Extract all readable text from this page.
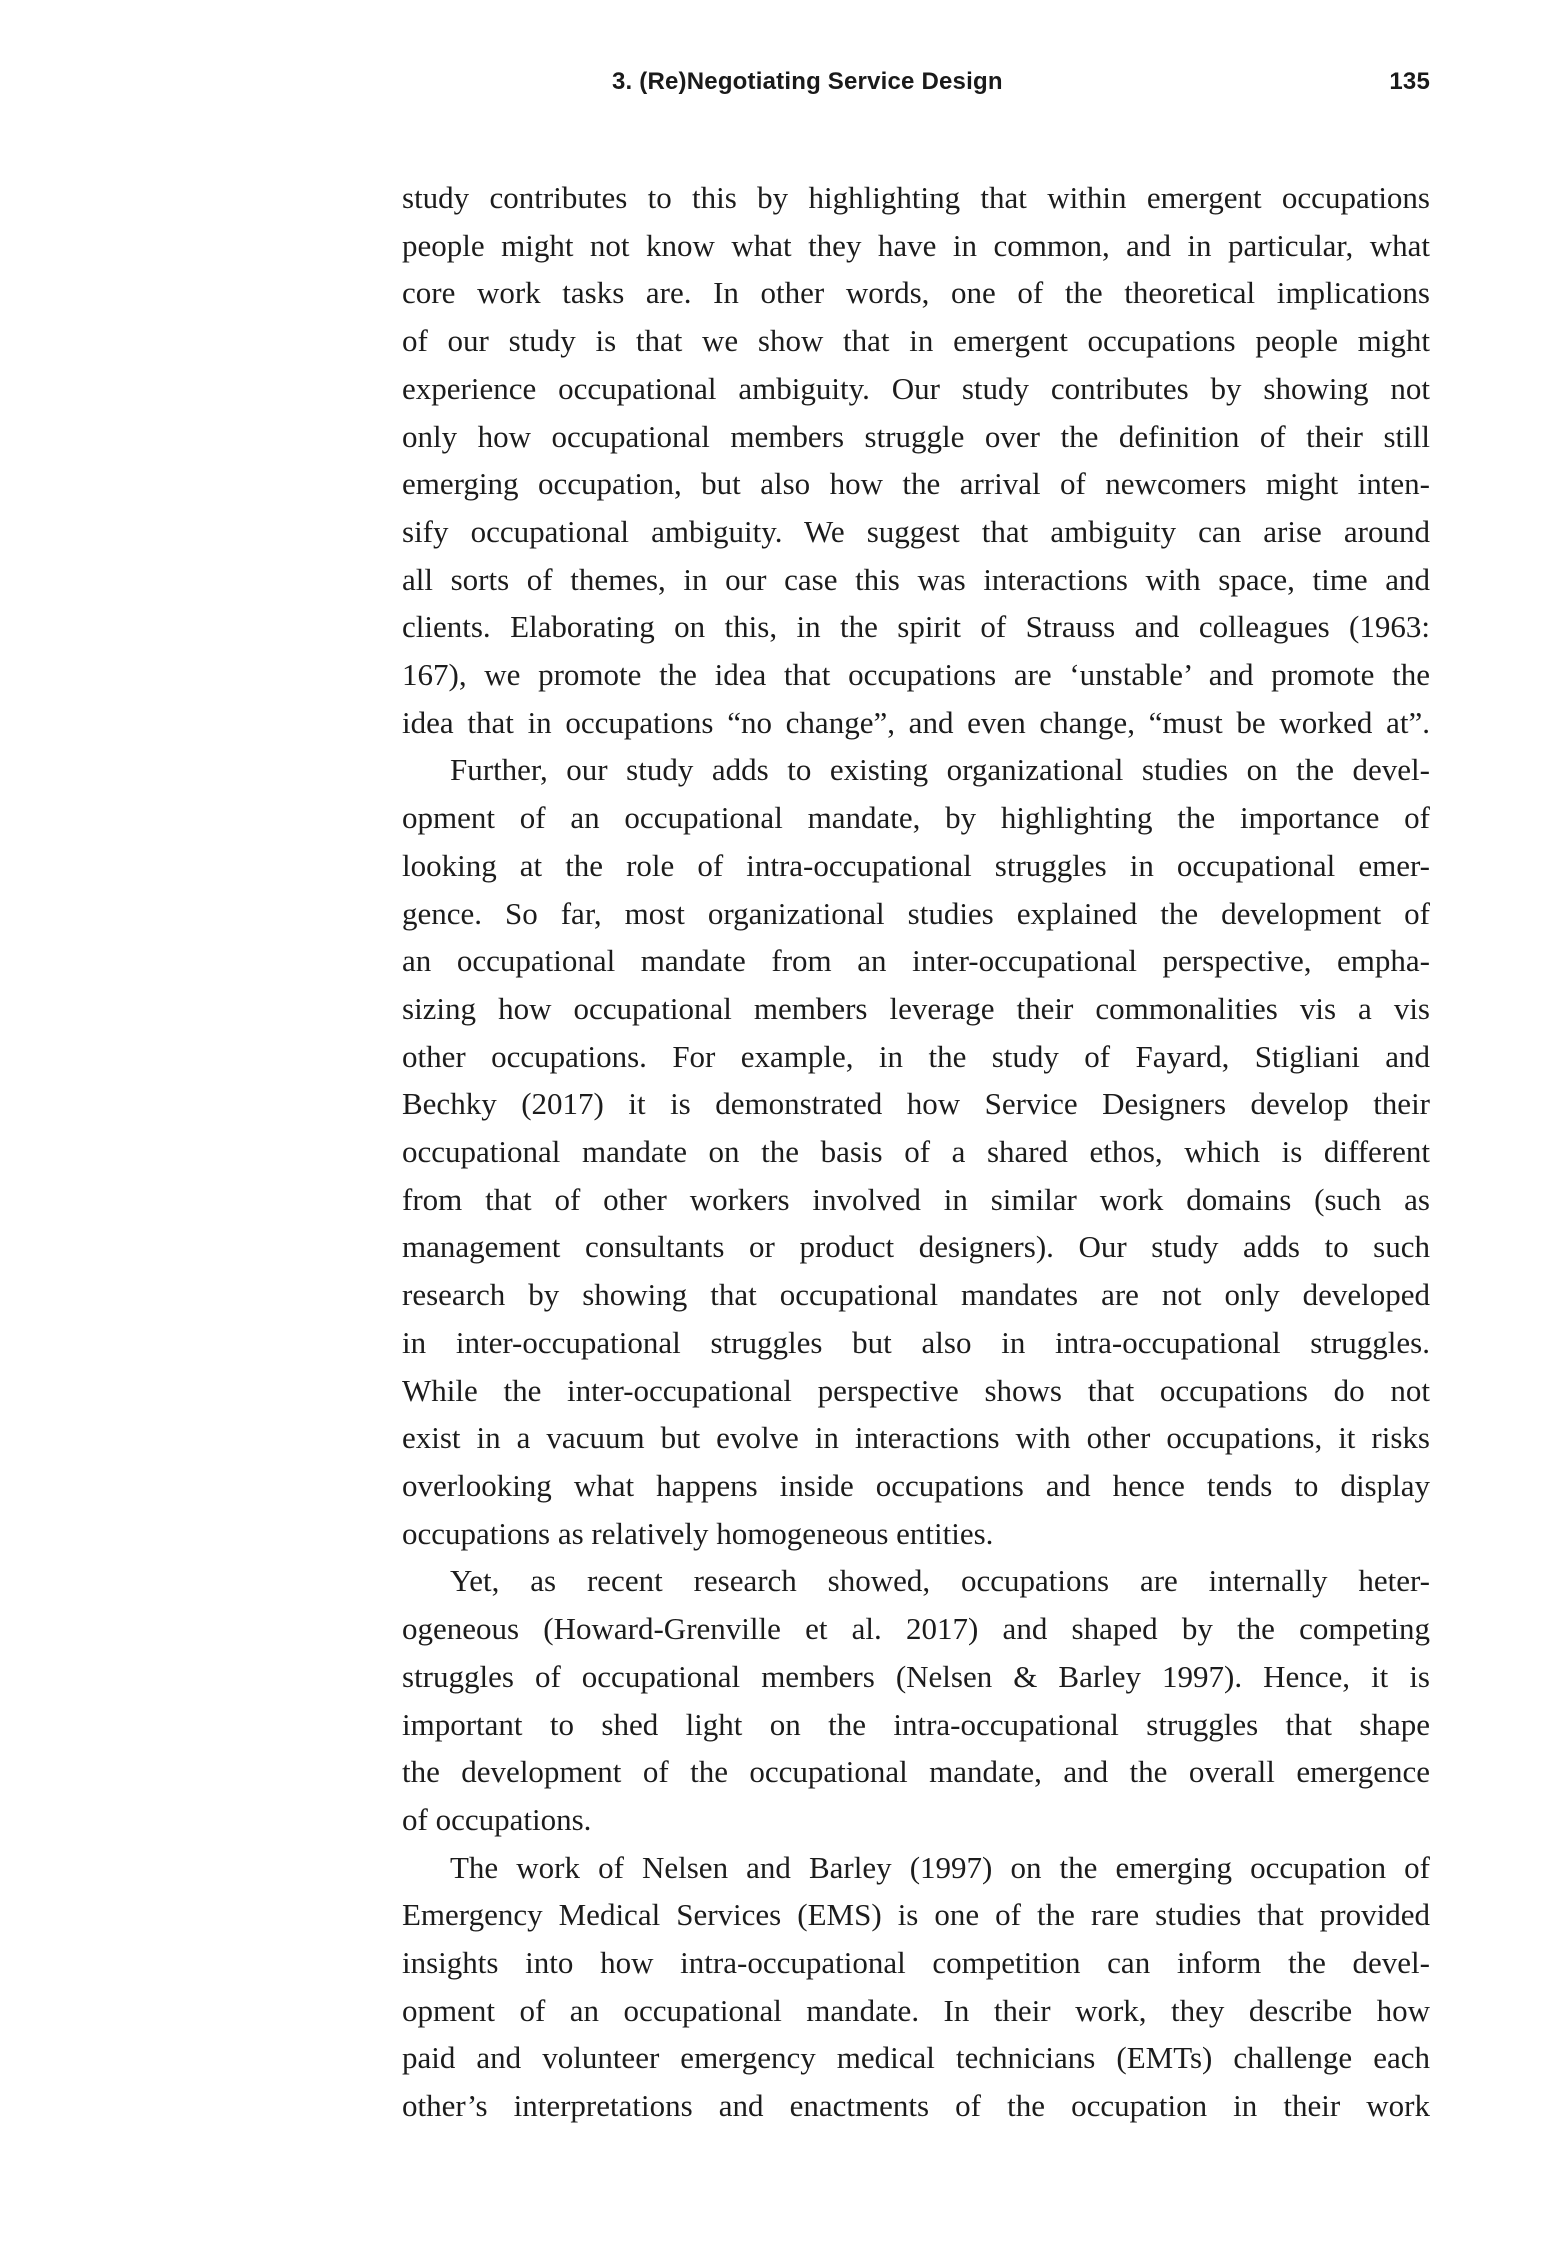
3. (Re)Negotiating Service Design	135

study contributes to this by highlighting that within emergent occupations
people might not know what they have in common, and in particular, what
core work tasks are. In other words, one of the theoretical implications
of our study is that we show that in emergent occupations people might
experience occupational ambiguity. Our study contributes by showing not
only how occupational members struggle over the definition of their still
emerging occupation, but also how the arrival of newcomers might inten-
sify occupational ambiguity. We suggest that ambiguity can arise around
all sorts of themes, in our case this was interactions with space, time and
clients. Elaborating on this, in the spirit of Strauss and colleagues (1963:
167), we promote the idea that occupations are ‘unstable’ and promote the
idea that in occupations “no change”, and even change, “must be worked at”.

Further, our study adds to existing organizational studies on the devel-
opment of an occupational mandate, by highlighting the importance of
looking at the role of intra-occupational struggles in occupational emer-
gence. So far, most organizational studies explained the development of
an occupational mandate from an inter-occupational perspective, empha-
sizing how occupational members leverage their commonalities vis a vis
other occupations. For example, in the study of Fayard, Stigliani and
Bechky (2017) it is demonstrated how Service Designers develop their
occupational mandate on the basis of a shared ethos, which is different
from that of other workers involved in similar work domains (such as
management consultants or product designers). Our study adds to such
research by showing that occupational mandates are not only developed
in inter-occupational struggles but also in intra-occupational struggles.
While the inter-occupational perspective shows that occupations do not
exist in a vacuum but evolve in interactions with other occupations, it risks
overlooking what happens inside occupations and hence tends to display
occupations as relatively homogeneous entities.

Yet, as recent research showed, occupations are internally heter-
ogeneous (Howard-Grenville et al. 2017) and shaped by the competing
struggles of occupational members (Nelsen & Barley 1997). Hence, it is
important to shed light on the intra-occupational struggles that shape
the development of the occupational mandate, and the overall emergence
of occupations.

The work of Nelsen and Barley (1997) on the emerging occupation of
Emergency Medical Services (EMS) is one of the rare studies that provided
insights into how intra-occupational competition can inform the devel-
opment of an occupational mandate. In their work, they describe how
paid and volunteer emergency medical technicians (EMTs) challenge each
other’s interpretations and enactments of the occupation in their work
